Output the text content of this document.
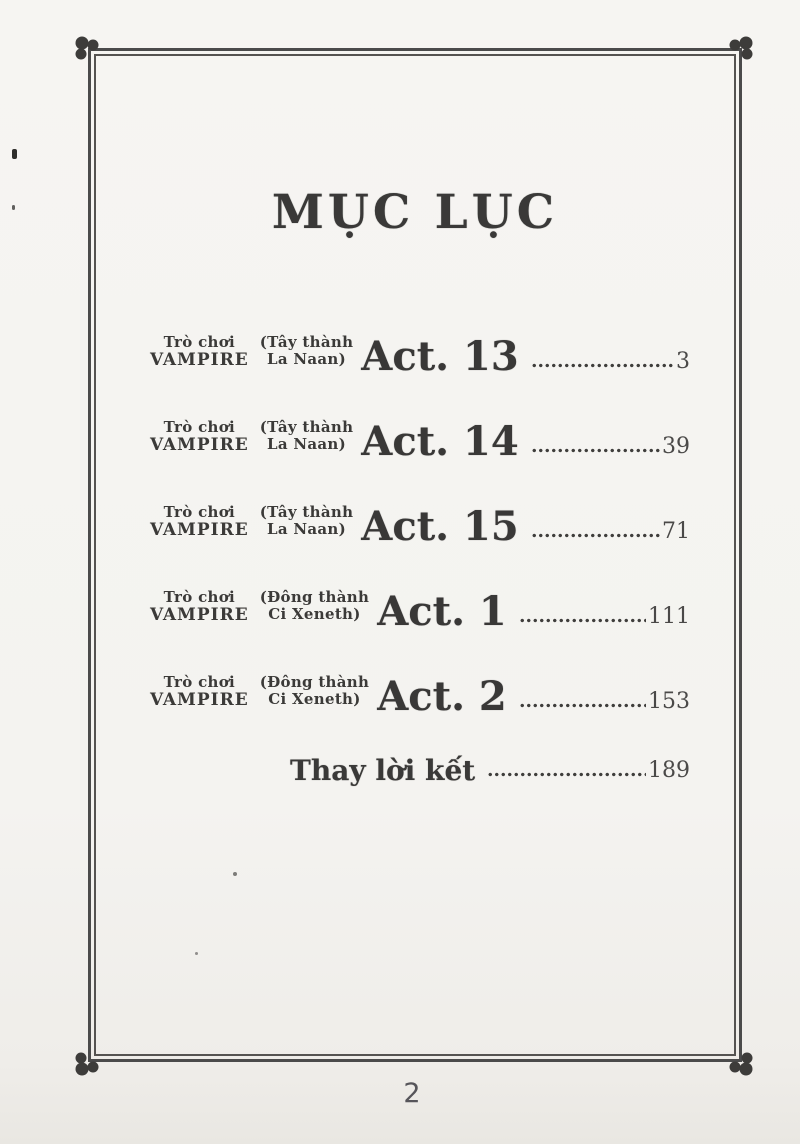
MỤC LỤC
Trò chơi
VAMPIRE
(Tây thành
La Naan) Act. 13	3
Trò chơi
VAMPIRE
(Tây thành
La Naan) Act. 14	39
Trò chơi
VAMPIRE
(Tây thành
La Naan) Act. 15	71
Trò chơi
VAMPIRE
(Đông thành
Ci Xeneth) Act. 1	111
Trò chơi
VAMPIRE
(Đông thành
Ci Xeneth) Act. 2	153
Thay lời kết	189
2
